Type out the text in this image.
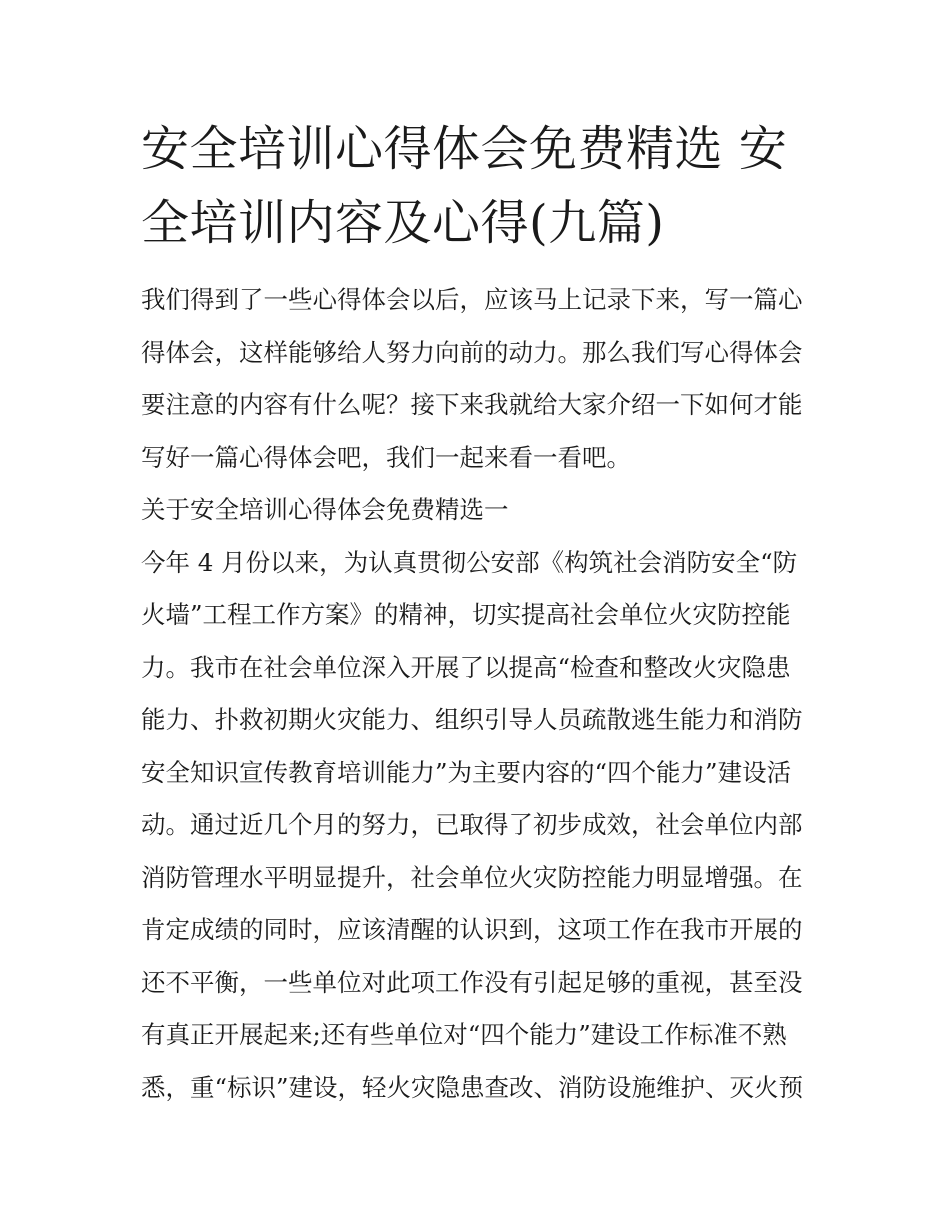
安全培训心得体会免费精选 安
全培训内容及心得(九篇)

我们得到了一些心得体会以后，应该马上记录下来，写一篇心
得体会，这样能够给人努力向前的动力。那么我们写心得体会
要注意的内容有什么呢？接下来我就给大家介绍一下如何才能
写好一篇心得体会吧，我们一起来看一看吧。

关于安全培训心得体会免费精选一

今年 4 月份以来，为认真贯彻公安部《构筑社会消防安全“防
火墙”工程工作方案》的精神，切实提高社会单位火灾防控能
力。我市在社会单位深入开展了以提高“检查和整改火灾隐患
能力、扑救初期火灾能力、组织引导人员疏散逃生能力和消防
安全知识宣传教育培训能力”为主要内容的“四个能力”建设活
动。通过近几个月的努力，已取得了初步成效，社会单位内部
消防管理水平明显提升，社会单位火灾防控能力明显增强。在
肯定成绩的同时，应该清醒的认识到，这项工作在我市开展的
还不平衡，一些单位对此项工作没有引起足够的重视，甚至没
有真正开展起来;还有些单位对“四个能力”建设工作标准不熟
悉，重“标识”建设，轻火灾隐患查改、消防设施维护、灭火预
